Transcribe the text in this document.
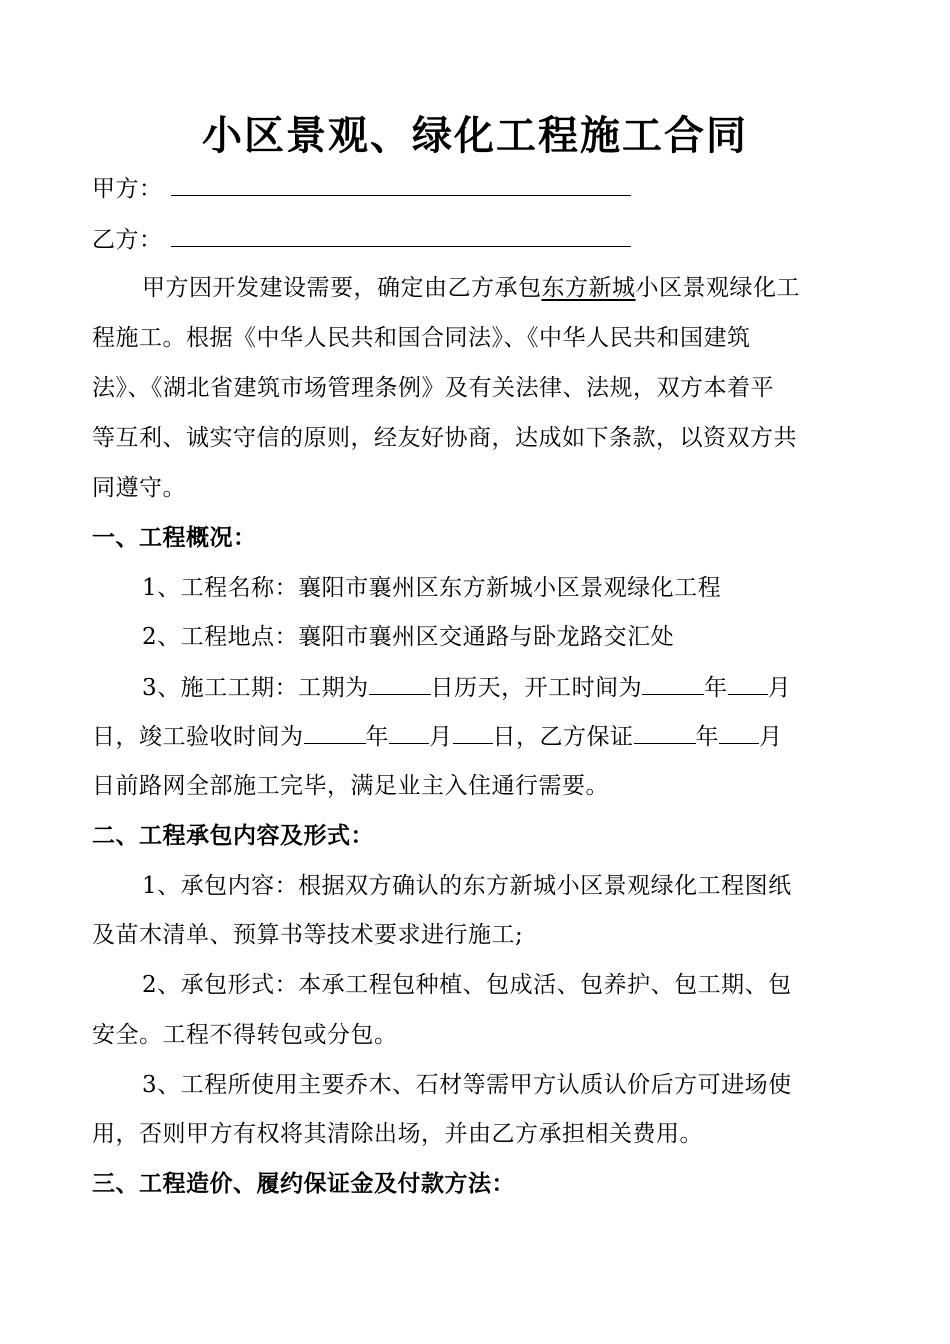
小区景观、绿化工程施工合同
甲方：
乙方：
甲方因开发建设需要，确定由乙方承包东方新城小区景观绿化工
程施工。根据《中华人民共和国合同法》、《中华人民共和国建筑
法》、《湖北省建筑市场管理条例》及有关法律、法规，双方本着平
等互利、诚实守信的原则，经友好协商，达成如下条款，以资双方共
同遵守。
一、工程概况：
1、工程名称：襄阳市襄州区东方新城小区景观绿化工程
2、工程地点：襄阳市襄州区交通路与卧龙路交汇处
3、施工工期：工期为	日历天，开工时间为	年 月
日，竣工验收时间为	年 月 日，乙方保证	年 月
日前路网全部施工完毕，满足业主入住通行需要。
二、工程承包内容及形式：
1、承包内容：根据双方确认的东方新城小区景观绿化工程图纸
及苗木清单、预算书等技术要求进行施工;
2、承包形式：本承工程包种植、包成活、包养护、包工期、包
安全。工程不得转包或分包。
3、工程所使用主要乔木、石材等需甲方认质认价后方可进场使
用，否则甲方有权将其清除出场，并由乙方承担相关费用。
三、工程造价、履约保证金及付款方法：
